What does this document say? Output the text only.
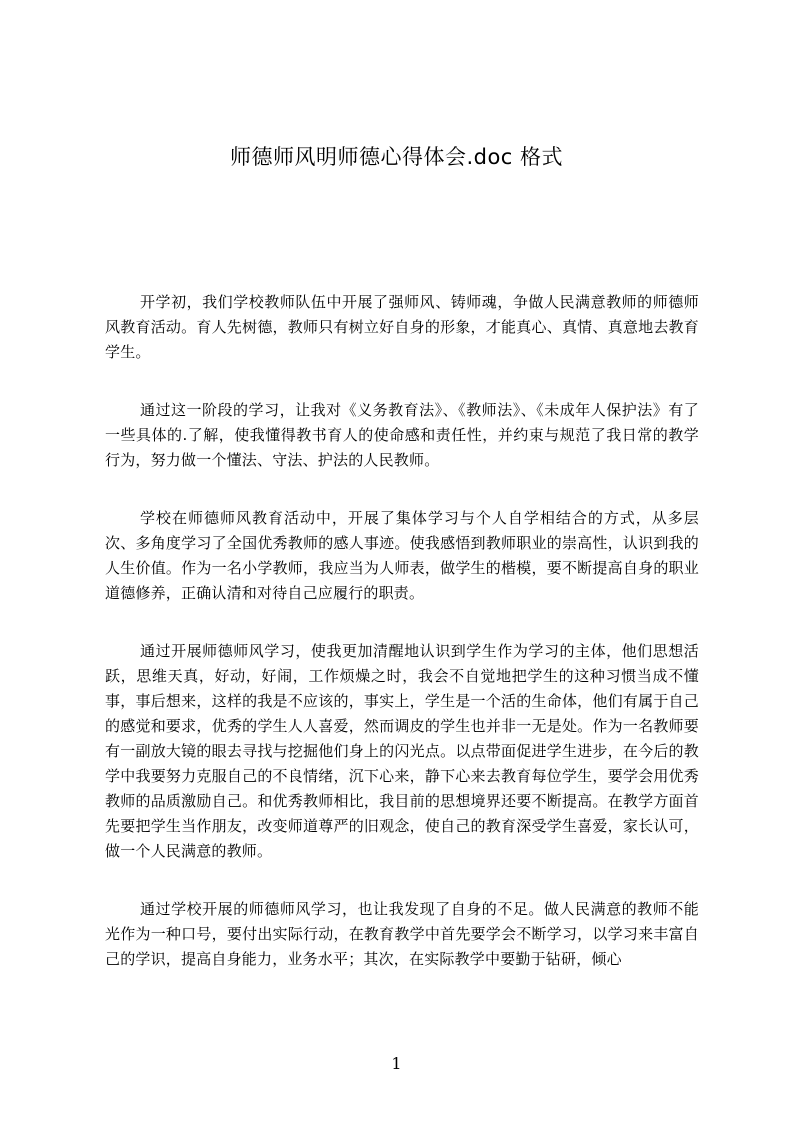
师德师风明师德心得体会.doc 格式

开学初，我们学校教师队伍中开展了强师风、铸师魂，争做人民满意教师的师德师风教育活动。育人先树德，教师只有树立好自身的形象，才能真心、真情、真意地去教育学生。

通过这一阶段的学习，让我对《义务教育法》、《教师法》、《未成年人保护法》有了一些具体的.了解，使我懂得教书育人的使命感和责任性，并约束与规范了我日常的教学行为，努力做一个懂法、守法、护法的人民教师。

学校在师德师风教育活动中，开展了集体学习与个人自学相结合的方式，从多层次、多角度学习了全国优秀教师的感人事迹。使我感悟到教师职业的崇高性，认识到我的人生价值。作为一名小学教师，我应当为人师表，做学生的楷模，要不断提高自身的职业道德修养，正确认清和对待自己应履行的职责。

通过开展师德师风学习，使我更加清醒地认识到学生作为学习的主体，他们思想活跃，思维天真，好动，好闹，工作烦燥之时，我会不自觉地把学生的这种习惯当成不懂事，事后想来，这样的我是不应该的，事实上，学生是一个活的生命体，他们有属于自己的感觉和要求，优秀的学生人人喜爱，然而调皮的学生也并非一无是处。作为一名教师要有一副放大镜的眼去寻找与挖掘他们身上的闪光点。以点带面促进学生进步，在今后的教学中我要努力克服自己的不良情绪，沉下心来，静下心来去教育每位学生，要学会用优秀教师的品质激励自己。和优秀教师相比，我目前的思想境界还要不断提高。在教学方面首先要把学生当作朋友，改变师道尊严的旧观念，使自己的教育深受学生喜爱，家长认可，做一个人民满意的教师。

通过学校开展的师德师风学习，也让我发现了自身的不足。做人民满意的教师不能光作为一种口号，要付出实际行动，在教育教学中首先要学会不断学习，以学习来丰富自己的学识，提高自身能力，业务水平；其次，在实际教学中要勤于钻研，倾心

1
